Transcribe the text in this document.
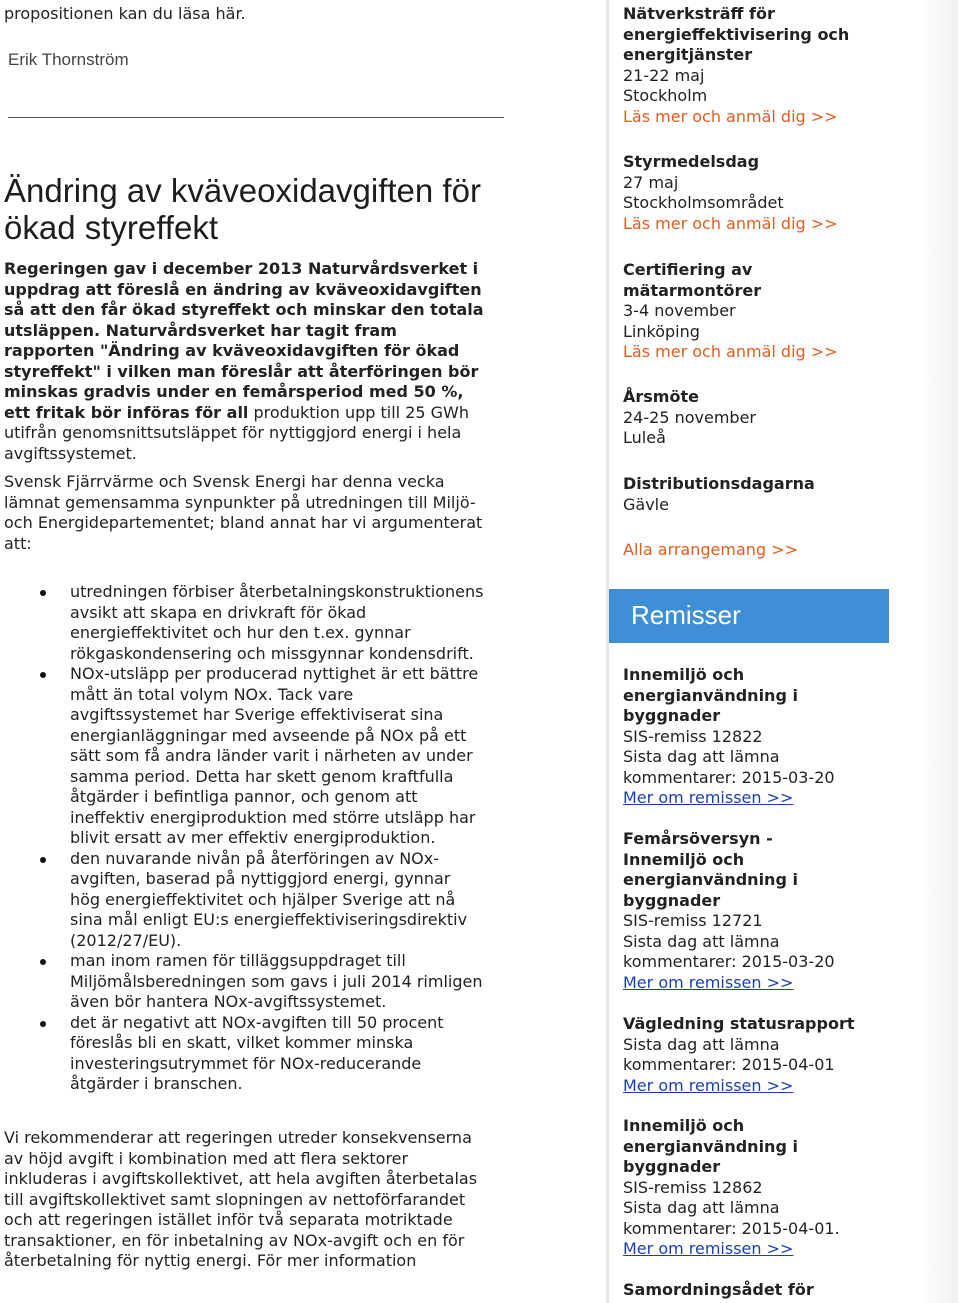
propositionen kan du läsa här.
Erik Thornström
Ändring av kväveoxidavgiften för
ökad styreffekt
Regeringen gav i december 2013 Naturvårdsverket i
uppdrag att föreslå en ändring av kväveoxidavgiften
så att den får ökad styreffekt och minskar den totala
utsläppen. Naturvårdsverket har tagit fram
rapporten "Ändring av kväveoxidavgiften för ökad
styreffekt" i vilken man föreslår att återföringen bör
minskas gradvis under en femårsperiod med 50 %,
ett fritak bör införas för all produktion upp till 25 GWh
utifrån genomsnittsutsläppet för nyttiggjord energi i hela
avgiftssystemet.
Svensk Fjärrvärme och Svensk Energi har denna vecka
lämnat gemensamma synpunkter på utredningen till Miljö-
och Energidepartementet; bland annat har vi argumenterat
att:
utredningen förbiser återbetalningskonstruktionens
avsikt att skapa en drivkraft för ökad
energieffektivitet och hur den t.ex. gynnar
rökgaskondensering och missgynnar kondensdrift.
NOx-utsläpp per producerad nyttighet är ett bättre
mått än total volym NOx. Tack vare
avgiftssystemet har Sverige effektiviserat sina
energianläggningar med avseende på NOx på ett
sätt som få andra länder varit i närheten av under
samma period. Detta har skett genom kraftfulla
åtgärder i befintliga pannor, och genom att
ineffektiv energiproduktion med större utsläpp har
blivit ersatt av mer effektiv energiproduktion.
den nuvarande nivån på återföringen av NOx-
avgiften, baserad på nyttiggjord energi, gynnar
hög energieffektivitet och hjälper Sverige att nå
sina mål enligt EU:s energieffektiviseringsdirektiv
(2012/27/EU).
man inom ramen för tilläggsuppdraget till
Miljömålsberedningen som gavs i juli 2014 rimligen
även bör hantera NOx-avgiftssystemet.
det är negativt att NOx-avgiften till 50 procent
föreslås bli en skatt, vilket kommer minska
investeringsutrymmet för NOx-reducerande
åtgärder i branschen.
Vi rekommenderar att regeringen utreder konsekvenserna
av höjd avgift i kombination med att flera sektorer
inkluderas i avgiftskollektivet, att hela avgiften återbetalas
till avgiftskollektivet samt slopningen av nettoförfarandet
och att regeringen istället inför två separata motriktade
transaktioner, en för inbetalning av NOx-avgift och en för
återbetalning för nyttig energi. För mer information
Nätverksträff för
energieffektivisering och
energitjänster
21-22 maj
Stockholm
Läs mer och anmäl dig >>
Styrmedelsdag
27 maj
Stockholmsområdet
Läs mer och anmäl dig >>
Certifiering av
mätarmontörer
3-4 november
Linköping
Läs mer och anmäl dig >>
Årsmöte
24-25 november
Luleå
Distributionsdagarna
Gävle
Alla arrangemang >>
Innemiljö och
energianvändning i
byggnader
SIS-remiss 12822
Sista dag att lämna
kommentarer: 2015-03-20
Mer om remissen >>
Femårsöversyn -
Innemiljö och
energianvändning i
byggnader
SIS-remiss 12721
Sista dag att lämna
kommentarer: 2015-03-20
Mer om remissen >>
Vägledning statusrapport
Sista dag att lämna
kommentarer: 2015-04-01
Mer om remissen >>
Innemiljö och
energianvändning i
byggnader
SIS-remiss 12862
Sista dag att lämna
kommentarer: 2015-04-01.
Mer om remissen >>
Samordningsådet för
Remisser
